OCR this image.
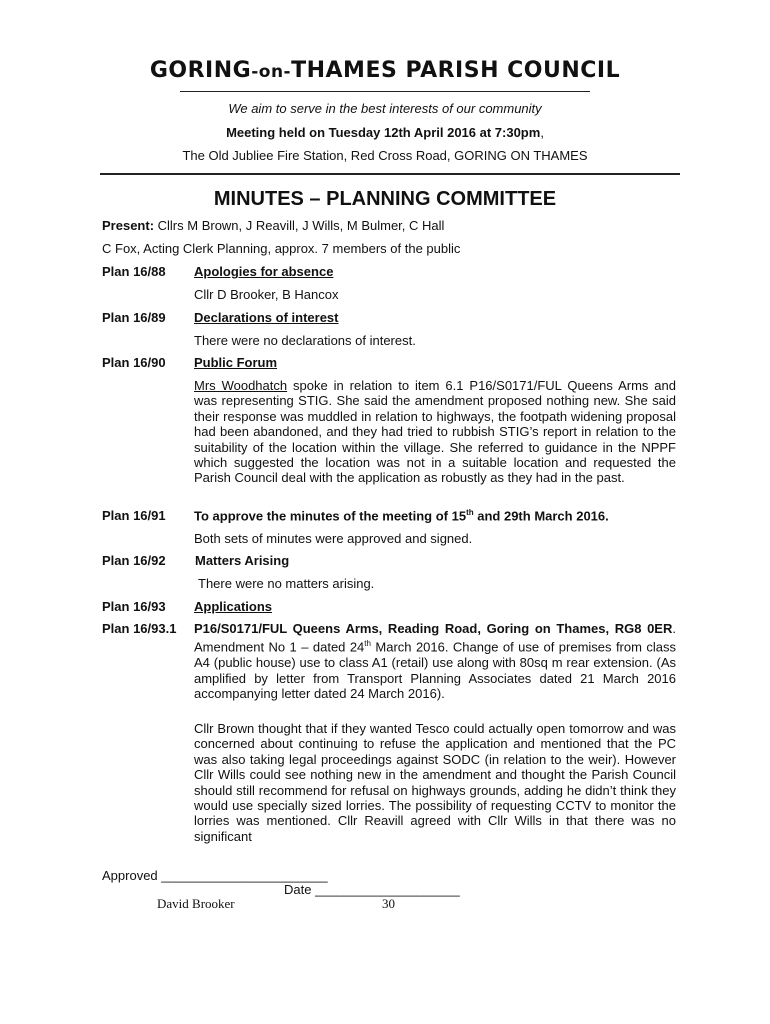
GORING-on-THAMES PARISH COUNCIL
We aim to serve in the best interests of our community
Meeting held on Tuesday 12th April 2016 at 7:30pm,
The Old Jubliee Fire Station, Red Cross Road, GORING ON THAMES
MINUTES – PLANNING COMMITTEE
Present: Cllrs M Brown, J Reavill, J Wills, M Bulmer, C Hall
C Fox, Acting Clerk Planning, approx. 7 members of the public
Plan 16/88 Apologies for absence
Cllr D Brooker, B Hancox
Plan 16/89 Declarations of interest
There were no declarations of interest.
Plan 16/90 Public Forum
Mrs Woodhatch spoke in relation to item 6.1 P16/S0171/FUL Queens Arms and was representing STIG. She said the amendment proposed nothing new. She said their response was muddled in relation to highways, the footpath widening proposal had been abandoned, and they had tried to rubbish STIG’s report in relation to the suitability of the location within the village. She referred to guidance in the NPPF which suggested the location was not in a suitable location and requested the Parish Council deal with the application as robustly as they had in the past.
Plan 16/91 To approve the minutes of the meeting of 15th and 29th March 2016.
Both sets of minutes were approved and signed.
Plan 16/92 Matters Arising
There were no matters arising.
Plan 16/93 Applications
Plan 16/93.1 P16/S0171/FUL Queens Arms, Reading Road, Goring on Thames, RG8 0ER. Amendment No 1 – dated 24th March 2016. Change of use of premises from class A4 (public house) use to class A1 (retail) use along with 80sq m rear extension. (As amplified by letter from Transport Planning Associates dated 21 March 2016 accompanying letter dated 24 March 2016).
Cllr Brown thought that if they wanted Tesco could actually open tomorrow and was concerned about continuing to refuse the application and mentioned that the PC was also taking legal proceedings against SODC (in relation to the weir). However Cllr Wills could see nothing new in the amendment and thought the Parish Council should still recommend for refusal on highways grounds, adding he didn’t think they would use specially sized lorries. The possibility of requesting CCTV to monitor the lorries was mentioned. Cllr Reavill agreed with Cllr Wills in that there was no significant
Approved _______________________
Date ____________________
David Brooker	30
